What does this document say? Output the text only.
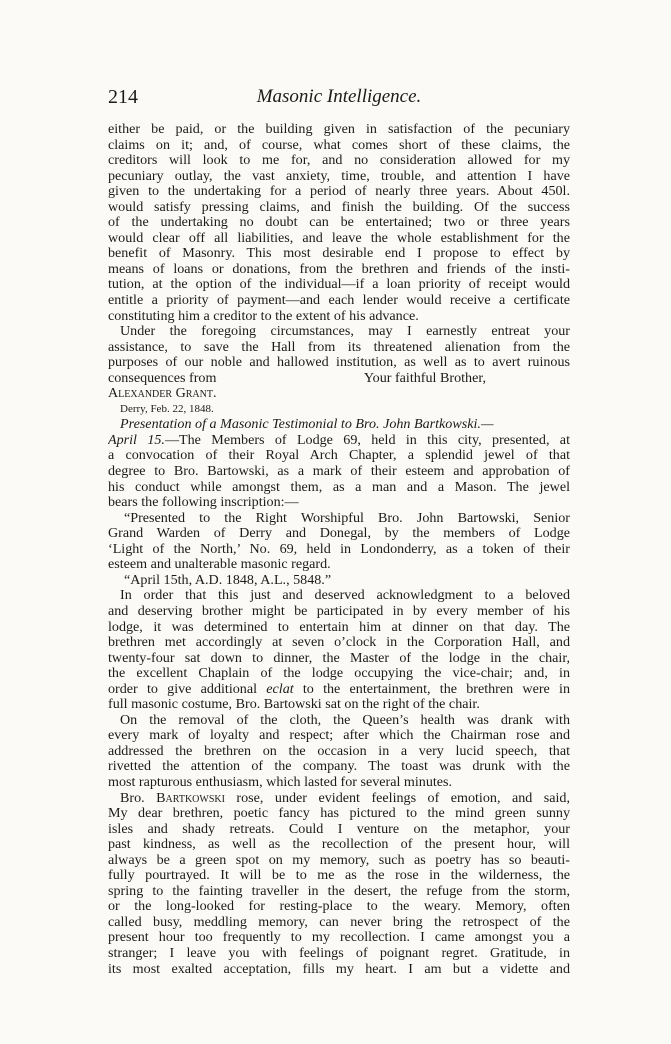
214	Masonic Intelligence.
either be paid, or the building given in satisfaction of the pecuniary
claims on it; and, of course, what comes short of these claims, the
creditors will look to me for, and no consideration allowed for my
pecuniary outlay, the vast anxiety, time, trouble, and attention I have
given to the undertaking for a period of nearly three years. About 450l.
would satisfy pressing claims, and finish the building. Of the success
of the undertaking no doubt can be entertained; two or three years
would clear off all liabilities, and leave the whole establishment for the
benefit of Masonry. This most desirable end I propose to effect by
means of loans or donations, from the brethren and friends of the insti-
tution, at the option of the individual—if a loan priority of receipt would
entitle a priority of payment—and each lender would receive a certificate
constituting him a creditor to the extent of his advance.
Under the foregoing circumstances, may I earnestly entreat your
assistance, to save the Hall from its threatened alienation from the
purposes of our noble and hallowed institution, as well as to avert ruinous
consequences from	Your faithful Brother,
Alexander Grant.
Derry, Feb. 22, 1848.
Presentation of a Masonic Testimonial to Bro. John Bartkowski.—
April 15.—The Members of Lodge 69, held in this city, presented, at
a convocation of their Royal Arch Chapter, a splendid jewel of that
degree to Bro. Bartowski, as a mark of their esteem and approbation of
his conduct while amongst them, as a man and a Mason. The jewel
bears the following inscription:—
“Presented to the Right Worshipful Bro. John Bartowski, Senior
Grand Warden of Derry and Donegal, by the members of Lodge
‘Light of the North,’ No. 69, held in Londonderry, as a token of their
esteem and unalterable masonic regard.
“April 15th, A.D. 1848, A.L., 5848.”
In order that this just and deserved acknowledgment to a beloved
and deserving brother might be participated in by every member of his
lodge, it was determined to entertain him at dinner on that day. The
brethren met accordingly at seven o’clock in the Corporation Hall, and
twenty-four sat down to dinner, the Master of the lodge in the chair,
the excellent Chaplain of the lodge occupying the vice-chair; and, in
order to give additional eclat to the entertainment, the brethren were in
full masonic costume, Bro. Bartowski sat on the right of the chair.
On the removal of the cloth, the Queen’s health was drank with
every mark of loyalty and respect; after which the Chairman rose and
addressed the brethren on the occasion in a very lucid speech, that
rivetted the attention of the company. The toast was drunk with the
most rapturous enthusiasm, which lasted for several minutes.
Bro. Bartkowski rose, under evident feelings of emotion, and said,
My dear brethren, poetic fancy has pictured to the mind green sunny
isles and shady retreats. Could I venture on the metaphor, your
past kindness, as well as the recollection of the present hour, will
always be a green spot on my memory, such as poetry has so beauti-
fully pourtrayed. It will be to me as the rose in the wilderness, the
spring to the fainting traveller in the desert, the refuge from the storm,
or the long-looked for resting-place to the weary. Memory, often
called busy, meddling memory, can never bring the retrospect of the
present hour too frequently to my recollection. I came amongst you a
stranger; I leave you with feelings of poignant regret. Gratitude, in
its most exalted acceptation, fills my heart. I am but a vidette and
